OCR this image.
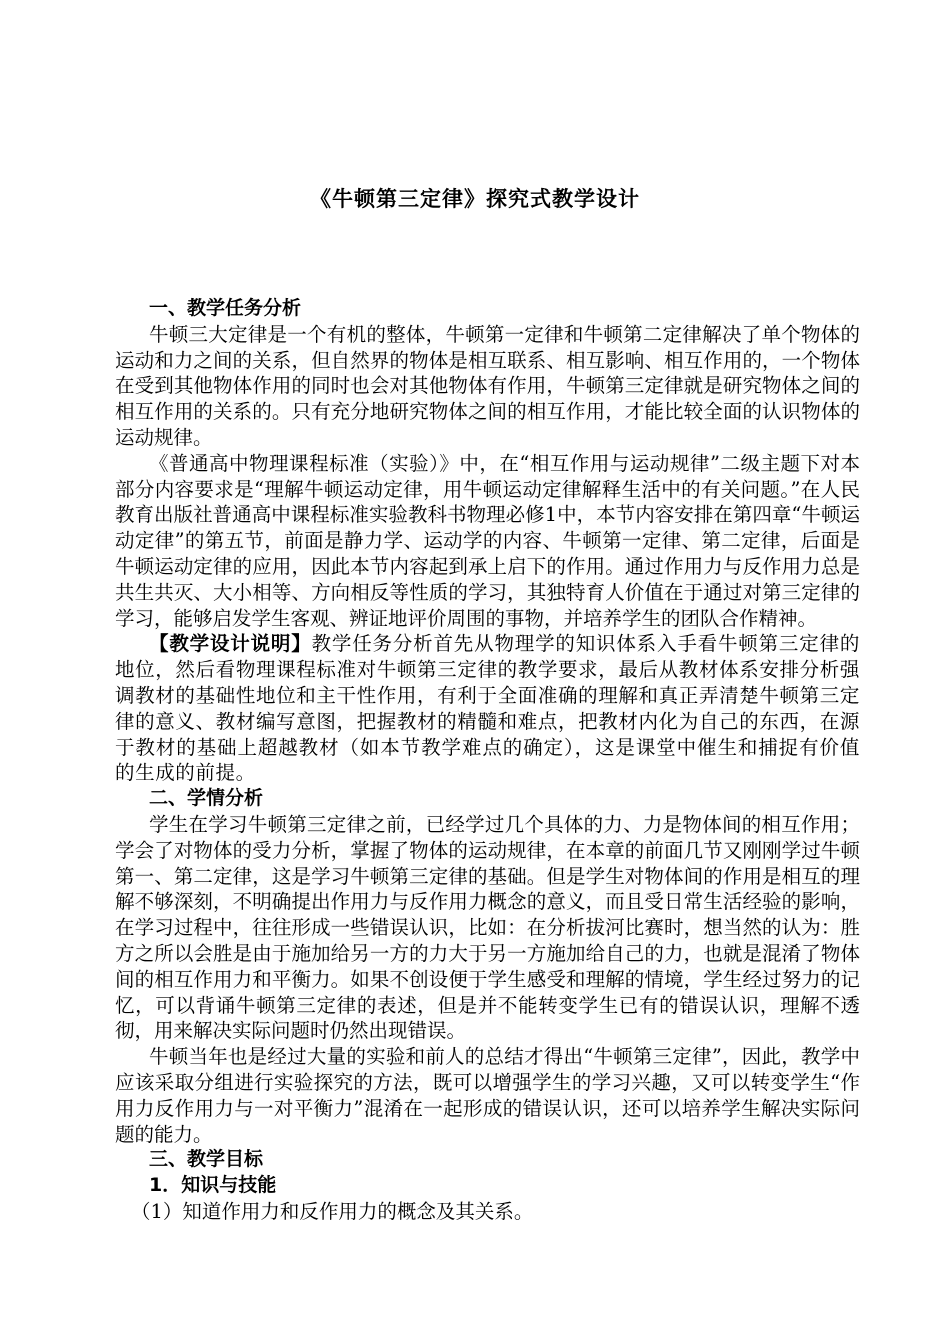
《牛顿第三定律》探究式教学设计

一、教学任务分析

牛顿三大定律是一个有机的整体，牛顿第一定律和牛顿第二定律解决了单个物体的运动和力之间的关系，但自然界的物体是相互联系、相互影响、相互作用的，一个物体在受到其他物体作用的同时也会对其他物体有作用，牛顿第三定律就是研究物体之间的相互作用的关系的。只有充分地研究物体之间的相互作用，才能比较全面的认识物体的运动规律。

《普通高中物理课程标准（实验）》中，在“相互作用与运动规律”二级主题下对本部分内容要求是“理解牛顿运动定律，用牛顿运动定律解释生活中的有关问题。”在人民教育出版社普通高中课程标准实验教科书物理必修1中，本节内容安排在第四章“牛顿运动定律”的第五节，前面是静力学、运动学的内容、牛顿第一定律、第二定律，后面是牛顿运动定律的应用，因此本节内容起到承上启下的作用。通过作用力与反作用力总是共生共灭、大小相等、方向相反等性质的学习，其独特育人价值在于通过对第三定律的学习，能够启发学生客观、辨证地评价周围的事物，并培养学生的团队合作精神。

【教学设计说明】教学任务分析首先从物理学的知识体系入手看牛顿第三定律的地位，然后看物理课程标准对牛顿第三定律的教学要求，最后从教材体系安排分析强调教材的基础性地位和主干性作用，有利于全面准确的理解和真正弄清楚牛顿第三定律的意义、教材编写意图，把握教材的精髓和难点，把教材内化为自己的东西，在源于教材的基础上超越教材（如本节教学难点的确定），这是课堂中催生和捕捉有价值的生成的前提。

二、学情分析

学生在学习牛顿第三定律之前，已经学过几个具体的力、力是物体间的相互作用；学会了对物体的受力分析，掌握了物体的运动规律，在本章的前面几节又刚刚学过牛顿第一、第二定律，这是学习牛顿第三定律的基础。但是学生对物体间的作用是相互的理解不够深刻，不明确提出作用力与反作用力概念的意义，而且受日常生活经验的影响，在学习过程中，往往形成一些错误认识，比如：在分析拔河比赛时，想当然的认为：胜方之所以会胜是由于施加给另一方的力大于另一方施加给自己的力，也就是混淆了物体间的相互作用力和平衡力。如果不创设便于学生感受和理解的情境，学生经过努力的记忆，可以背诵牛顿第三定律的表述，但是并不能转变学生已有的错误认识，理解不透彻，用来解决实际问题时仍然出现错误。

牛顿当年也是经过大量的实验和前人的总结才得出“牛顿第三定律”，因此，教学中应该采取分组进行实验探究的方法，既可以增强学生的学习兴趣，又可以转变学生“作用力反作用力与一对平衡力”混淆在一起形成的错误认识，还可以培养学生解决实际问题的能力。

三、教学目标

1．知识与技能

（1）知道作用力和反作用力的概念及其关系。
